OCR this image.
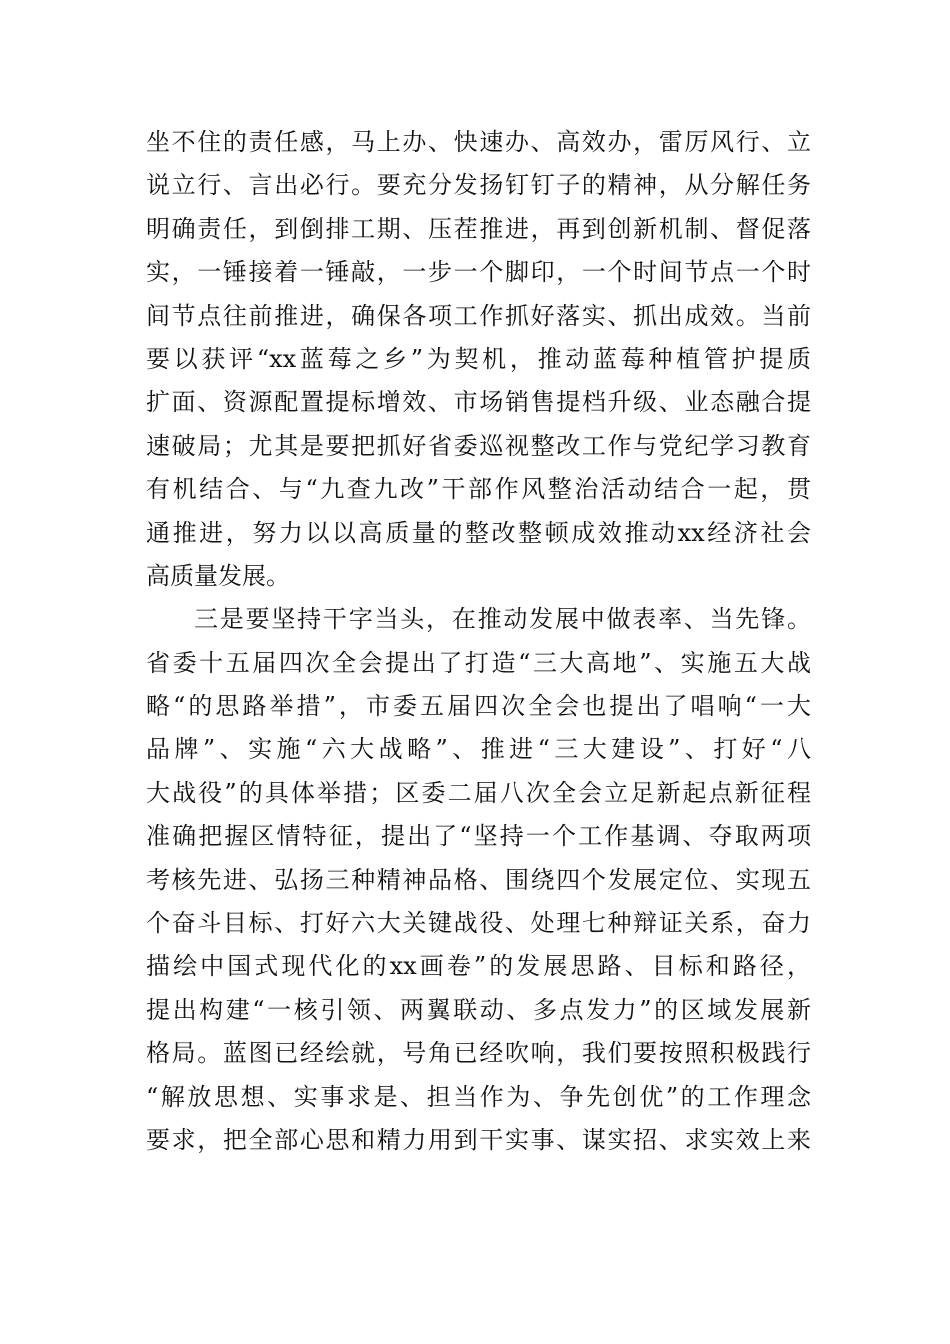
坐不住的责任感，马上办、快速办、高效办，雷厉风行、立
说立行、言出必行。要充分发扬钉钉子的精神，从分解任务
明确责任，到倒排工期、压茬推进，再到创新机制、督促落
实，一锤接着一锤敲，一步一个脚印，一个时间节点一个时
间节点往前推进，确保各项工作抓好落实、抓出成效。当前
要以获评“xx蓝莓之乡”为契机，推动蓝莓种植管护提质
扩面、资源配置提标增效、市场销售提档升级、业态融合提
速破局；尤其是要把抓好省委巡视整改工作与党纪学习教育
有机结合、与“九查九改”干部作风整治活动结合一起，贯
通推进，努力以以高质量的整改整顿成效推动xx经济社会
高质量发展。
三是要坚持干字当头，在推动发展中做表率、当先锋。
省委十五届四次全会提出了打造“三大高地”、实施五大战
略“的思路举措”，市委五届四次全会也提出了唱响“一大
品牌”、实施“六大战略”、推进“三大建设”、打好“八
大战役”的具体举措；区委二届八次全会立足新起点新征程
准确把握区情特征，提出了“坚持一个工作基调、夺取两项
考核先进、弘扬三种精神品格、围绕四个发展定位、实现五
个奋斗目标、打好六大关键战役、处理七种辩证关系，奋力
描绘中国式现代化的xx画卷”的发展思路、目标和路径，
提出构建“一核引领、两翼联动、多点发力”的区域发展新
格局。蓝图已经绘就，号角已经吹响，我们要按照积极践行
“解放思想、实事求是、担当作为、争先创优”的工作理念
要求，把全部心思和精力用到干实事、谋实招、求实效上来
